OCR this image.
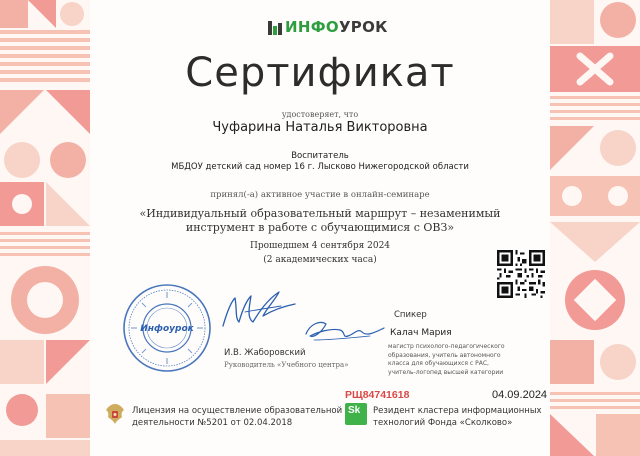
ИНФОУРОК
Сертификат
удостоверяет, что
Чуфарина Наталья Викторовна
Воспитатель
МБДОУ детский сад номер 16 г. Лысково Нижегородской области
принял(-а) активное участие в онлайн-семинаре
«Индивидуальный образовательный маршрут – незаменимый
инструмент в работе с обучающимися с ОВЗ»
Прошедшем 4 сентября 2024
(2 академических часа)
Инфоурок
И.В. Жаборовский
Руководитель «Учебного центра»
Спикер
Калач Мария
магистр психолого-педагогического
образования, учитель автономного
класса для обучающихся с РАС,
учитель-логопед высшей категории
РЩ84741618	04.09.2024
Лицензия на осуществление образовательной
деятельности №5201 от 02.04.2018
Sk Резидент кластера информационных
технологий Фонда «Сколково»
